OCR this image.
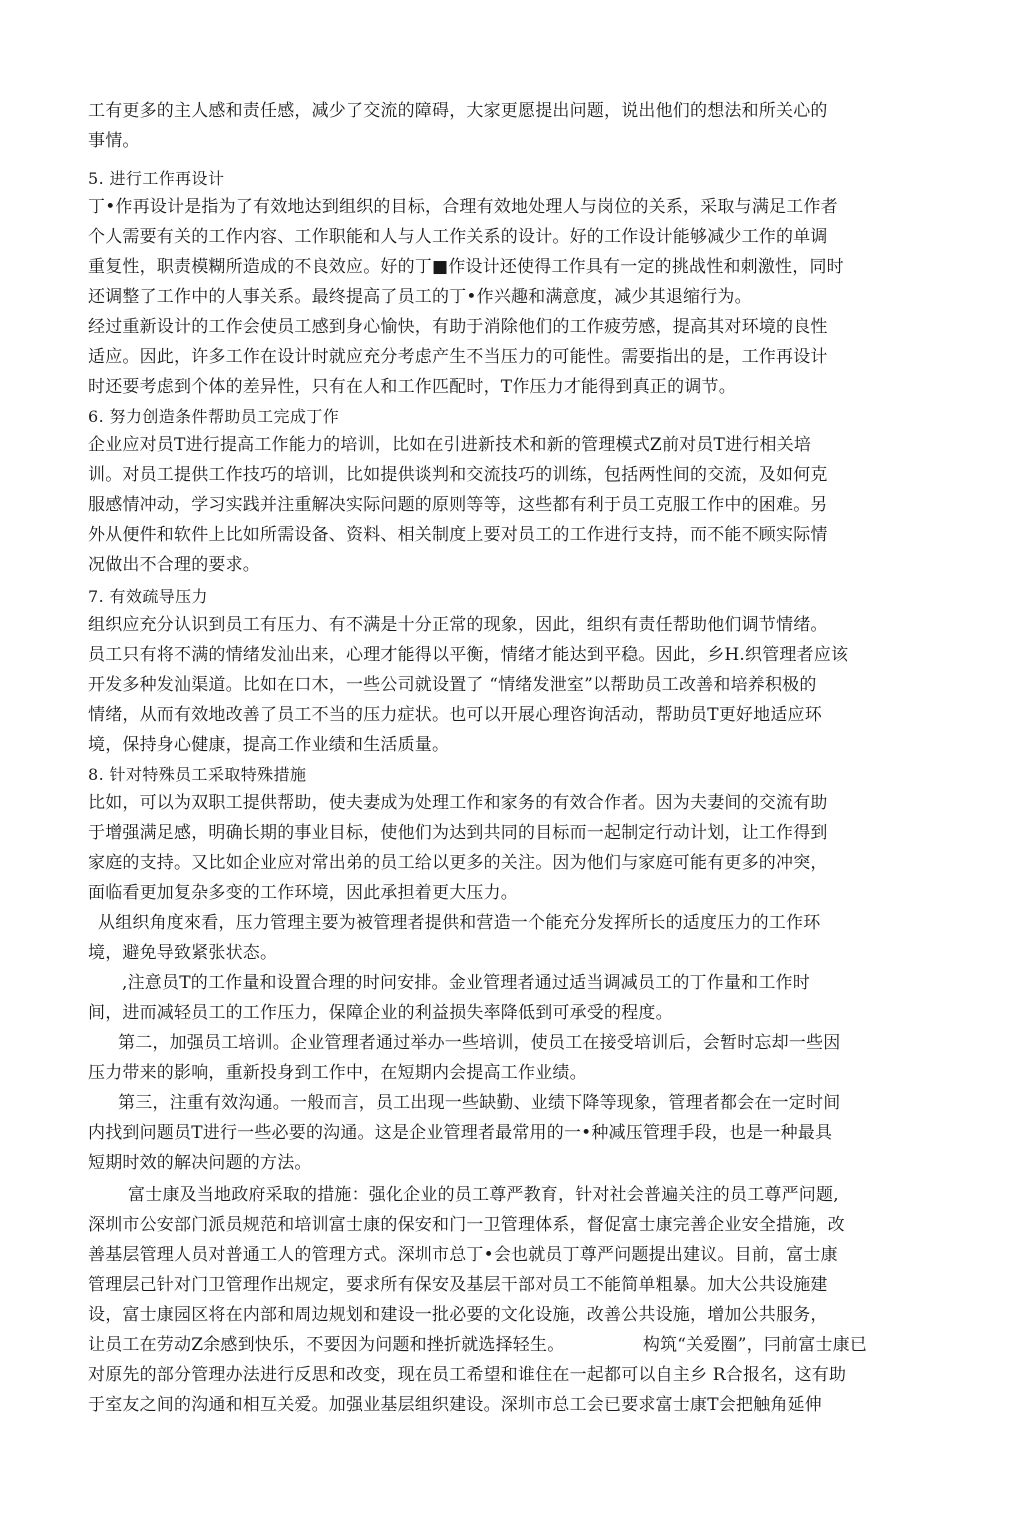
工有更多的主人感和责任感，减少了交流的障碍，大家更愿提出问题，说出他们的想法和所关心的
事情。
5. 进行工作再设计
丁•作再设计是指为了有效地达到组织的目标，合理有效地处理人与岗位的关系，采取与满足工作者
个人需要有关的工作内容、工作职能和人与人工作关系的设计。好的工作设计能够减少工作的单调
重复性，职责模糊所造成的不良效应。好的丁■作设计还使得工作具有一定的挑战性和刺激性，同时
还调整了工作中的人事关系。最终提高了员工的丁•作兴趣和满意度，减少其退缩行为。
经过重新设计的工作会使员工感到身心愉快，有助于消除他们的工作疲劳感，提高其对环境的良性
适应。因此，许多工作在设计时就应充分考虑产生不当压力的可能性。需要指出的是，工作再设计
时还要考虑到个体的差异性，只有在人和工作匹配时，T作压力才能得到真正的调节。
6. 努力创造条件帮助员工完成丁作
企业应对员T进行提高工作能力的培训，比如在引进新技术和新的管理模式Z前对员T进行相关培
训。对员工提供工作技巧的培训，比如提供谈判和交流技巧的训练，包括两性间的交流，及如何克
服感情冲动，学习实践并注重解决实际问题的原则等等，这些都有利于员工克服工作中的困难。另
外从便件和软件上比如所需设备、资料、相关制度上要对员工的工作进行支持，而不能不顾实际情
况做出不合理的要求。
7. 有效疏导压力
组织应充分认识到员工有压力、有不满是十分正常的现象，因此，组织有责任帮助他们调节情绪。
员工只有将不满的情绪发汕出来，心理才能得以平衡，情绪才能达到平稳。因此，乡H.织管理者应该
开发多种发汕渠道。比如在口木，一些公司就设置了 “情绪发泄室”以帮助员工改善和培养积极的
情绪，从而有效地改善了员工不当的压力症状。也可以开展心理咨询活动，帮助员T更好地适应环
境，保持身心健康，提高工作业绩和生活质量。
8. 针对特殊员工采取特殊措施
比如，可以为双职工提供帮助，使夫妻成为处理工作和家务的有效合作者。因为夫妻间的交流有助
于增强满足感，明确长期的事业目标，使他们为达到共同的目标而一起制定行动计划，让工作得到
家庭的支持。又比如企业应对常出弟的员工给以更多的关注。因为他们与家庭可能有更多的冲突，
面临看更加复杂多变的工作环境，因此承担着更大压力。
从组织角度來看，压力管理主要为被管理者提供和营造一个能充分发挥所长的适度压力的工作环
境，避免导致紧张状态。
,注意员T的工作量和设置合理的时问安排。金业管理者通过适当调减员工的丁作量和工作时
间，进而减轻员工的工作压力，保障企业的利益损失率降低到可承受的程度。
第二，加强员工培训。企业管理者通过举办一些培训，使员工在接受培训后，会暂时忘却一些因
压力带来的影响，重新投身到工作中，在短期内会提高工作业绩。
第三，注重有效沟通。一般而言，员工出现一些缺勤、业绩下降等现象，管理者都会在一定时间
内找到问题员T进行一些必要的沟通。这是企业管理者最常用的一•种减压管理手段，也是一种最具
短期时效的解决问题的方法。
富士康及当地政府采取的措施：强化企业的员工尊严教育，针对社会普遍关注的员工尊严问题,
深圳市公安部门派员规范和培训富士康的保安和门一卫管理体系，督促富士康完善企业安全措施，改
善基层管理人员对普通工人的管理方式。深圳市总丁•会也就员丁尊严问题提出建议。目前，富士康
管理层己针对门卫管理作出规定，要求所有保安及基层干部对员工不能简单粗暴。加大公共设施建
设，富士康园区将在内部和周边规划和建设一批必要的文化设施，改善公共设施，增加公共服务，
让员工在劳动Z余感到快乐，不要因为问题和挫折就选择轻生。              构筑“关爱圈”，冃前富士康已
对原先的部分管理办法进行反思和改变，现在员工希望和谁住在一起都可以自主乡 R合报名，这有助
于室友之间的沟通和相互关爱。加强业基层组织建设。深圳市总工会已要求富士康T会把触角延伸
